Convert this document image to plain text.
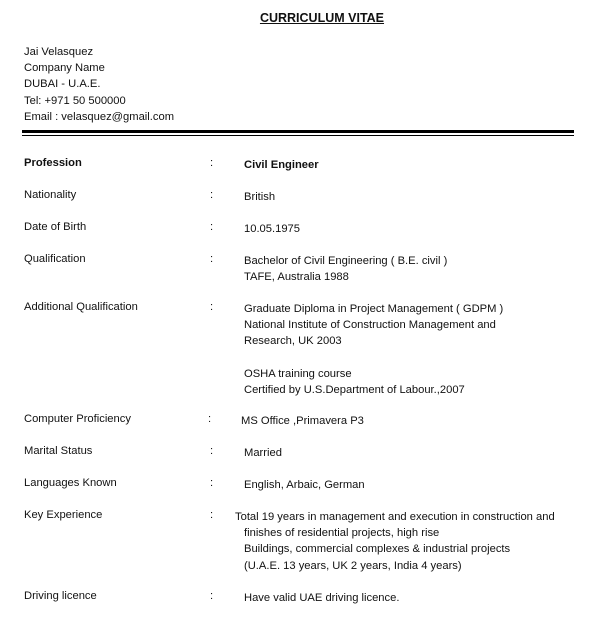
CURRICULUM VITAE
Jai Velasquez
Company Name
DUBAI - U.A.E.
Tel: +971 50 500000
Email : velasquez@gmail.com
Profession	:	Civil Engineer
Nationality	:	British
Date of Birth	:	10.05.1975
Qualification	:	Bachelor of Civil Engineering ( B.E. civil )
TAFE, Australia 1988
Additional Qualification	:	Graduate Diploma in Project Management ( GDPM )
National Institute of Construction Management and
Research, UK 2003
OSHA training course
Certified by U.S.Department of Labour.,2007
Computer Proficiency	:	MS Office ,Primavera P3
Marital Status	:	Married
Languages Known	:	English, Arbaic, German
Key Experience	: Total 19 years in management and execution in construction and
finishes of residential projects, high rise
Buildings, commercial complexes & industrial projects
(U.A.E. 13 years, UK 2 years, India 4 years)
Driving licence	:	Have valid UAE driving licence.
